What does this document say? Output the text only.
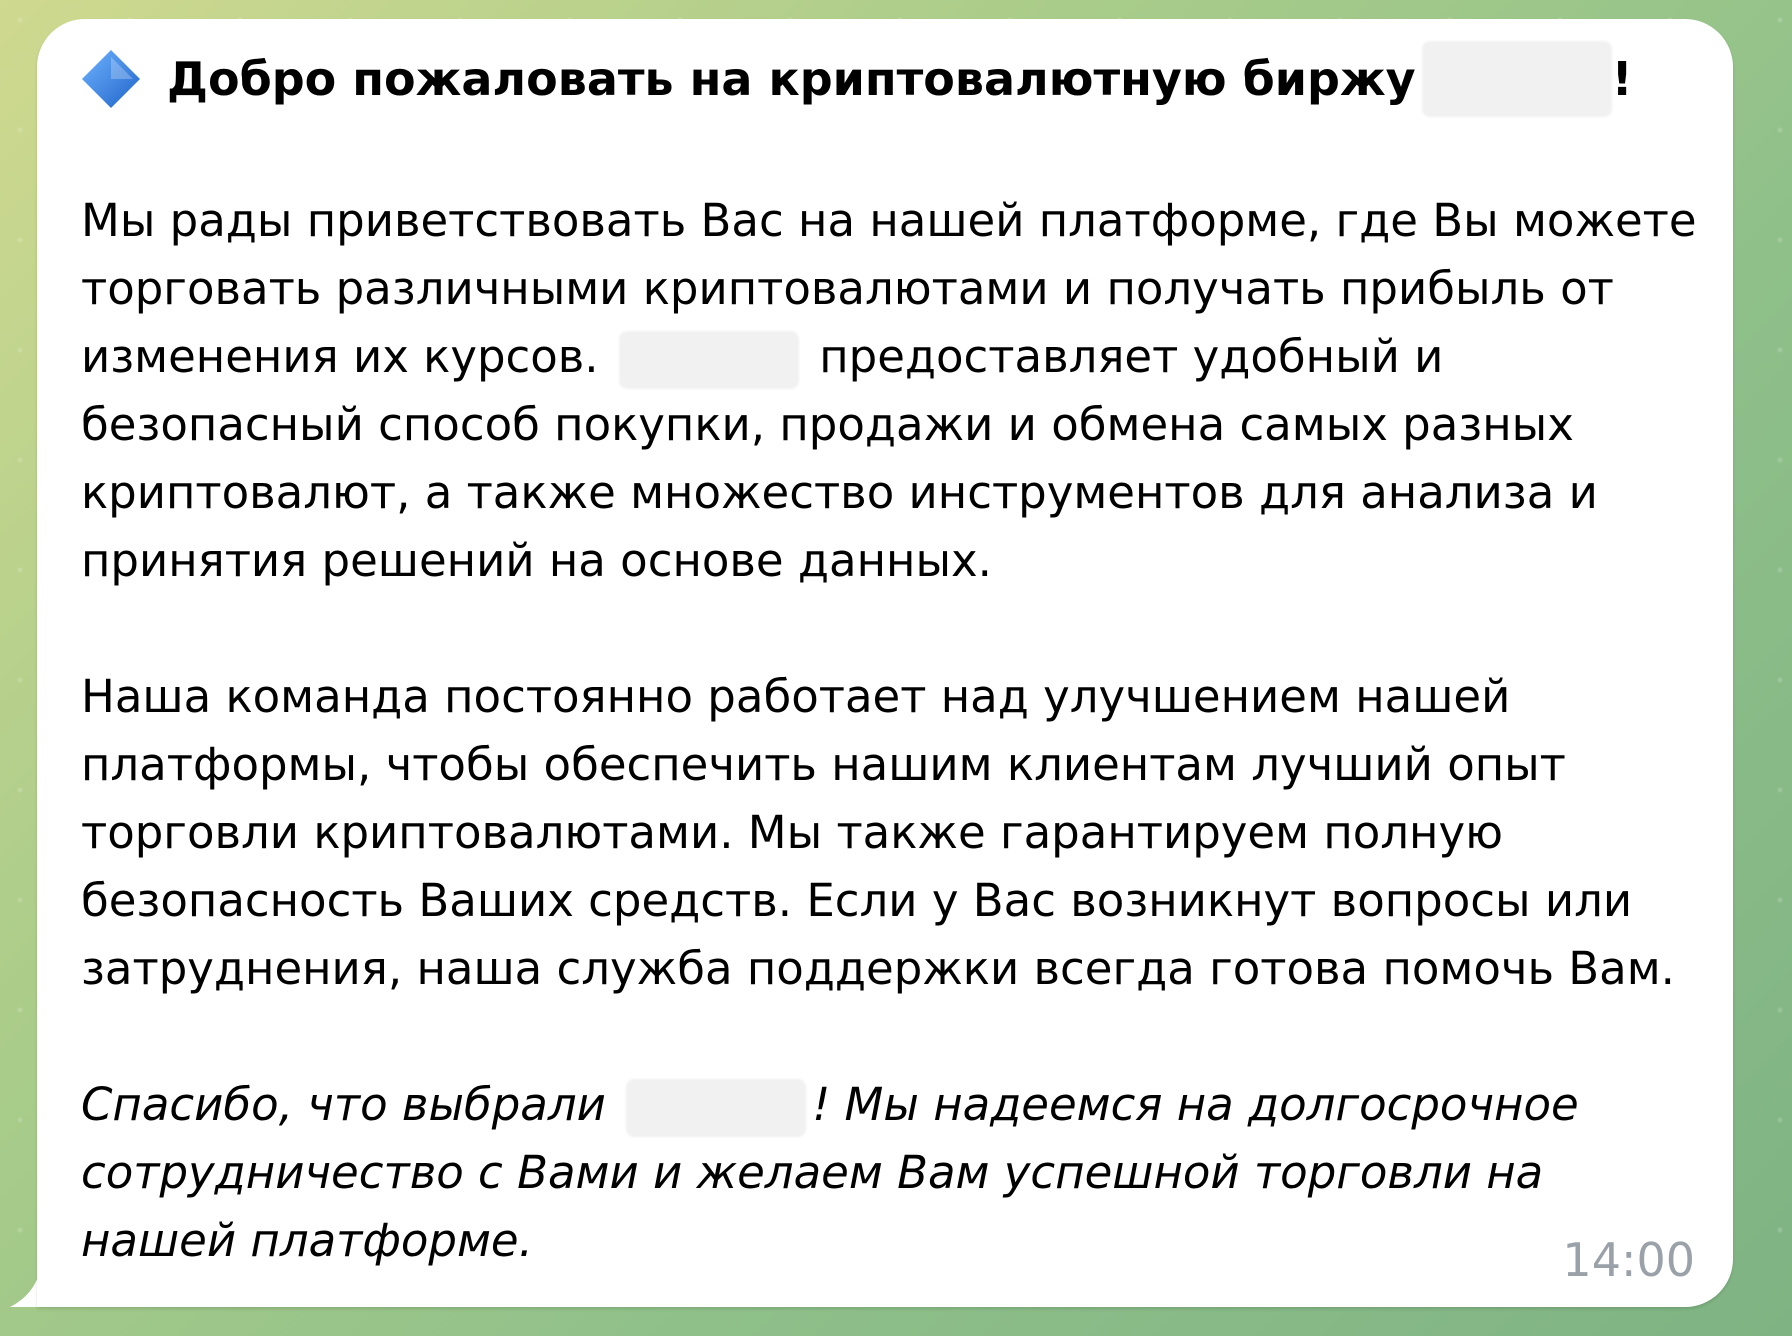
Добро пожаловать на криптовалютную биржу	!

Мы рады приветствовать Вас на нашей платформе, где Вы можете торговать различными криптовалютами и получать прибыль от изменения их курсов.	предоставляет удобный и безопасный способ покупки, продажи и обмена самых разных криптовалют, а также множество инструментов для анализа и принятия решений на основе данных.

Наша команда постоянно работает над улучшением нашей платформы, чтобы обеспечить нашим клиентам лучший опыт торговли криптовалютами. Мы также гарантируем полную безопасность Ваших средств. Если у Вас возникнут вопросы или затруднения, наша служба поддержки всегда готова помочь Вам.

Спасибо, что выбрали	! Мы надеемся на долгосрочное сотрудничество с Вами и желаем Вам успешной торговли на нашей платформе.	14:00
